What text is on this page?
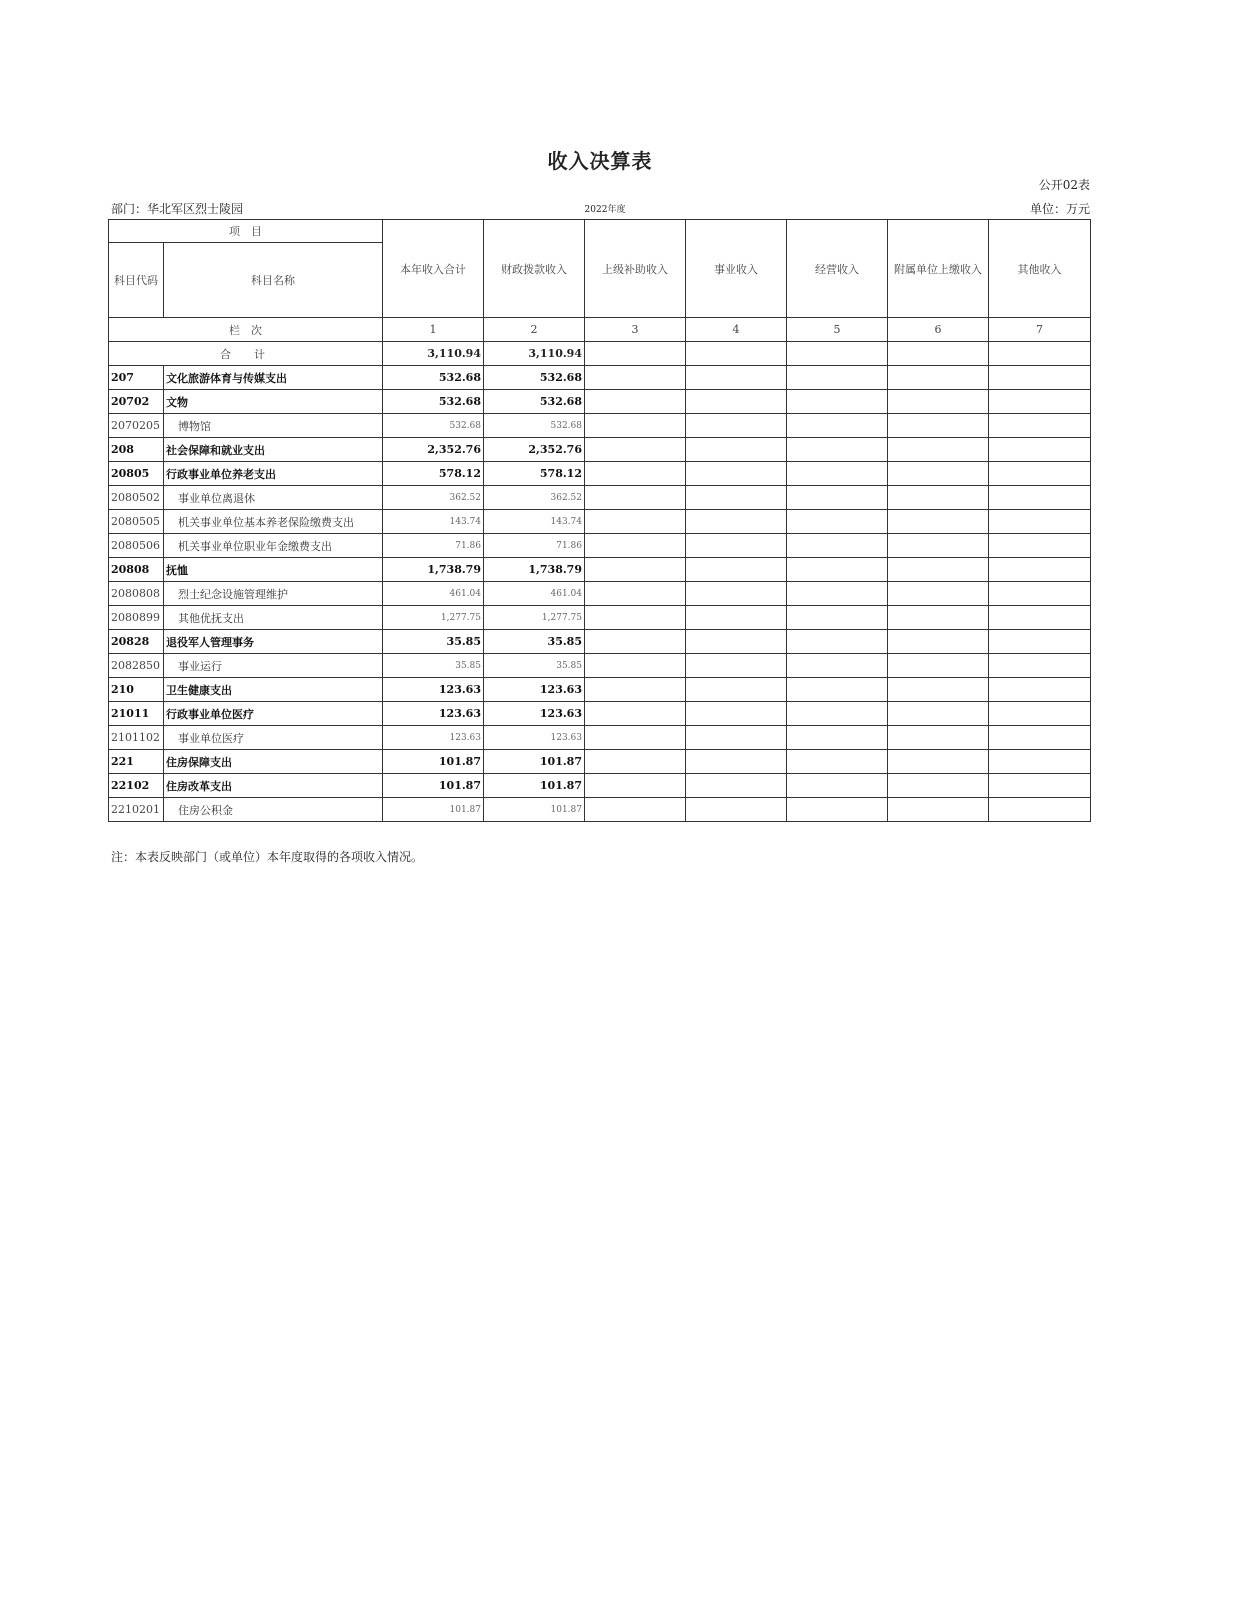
收入决算表
公开02表
部门：华北军区烈士陵园	2022年度	单位：万元
项　目		本年收入合计	财政拨款收入	上级补助收入	事业收入	经营收入	附属单位上缴收入	其他收入
科目代码	科目名称							
栏　次		1	2	3	4	5	6	7
合　计		3,110.94	3,110.94					
207	文化旅游体育与传媒支出	532.68	532.68					
20702	文物	532.68	532.68					
2070205	博物馆	532.68	532.68					
208	社会保障和就业支出	2,352.76	2,352.76					
20805	行政事业单位养老支出	578.12	578.12					
2080502	事业单位离退休	362.52	362.52					
2080505	机关事业单位基本养老保险缴费支出	143.74	143.74					
2080506	机关事业单位职业年金缴费支出	71.86	71.86					
20808	抚恤	1,738.79	1,738.79					
2080808	烈士纪念设施管理维护	461.04	461.04					
2080899	其他优抚支出	1,277.75	1,277.75					
20828	退役军人管理事务	35.85	35.85					
2082850	事业运行	35.85	35.85					
210	卫生健康支出	123.63	123.63					
21011	行政事业单位医疗	123.63	123.63					
2101102	事业单位医疗	123.63	123.63					
221	住房保障支出	101.87	101.87					
22102	住房改革支出	101.87	101.87					
2210201	住房公积金	101.87	101.87					
注：本表反映部门（或单位）本年度取得的各项收入情况。
